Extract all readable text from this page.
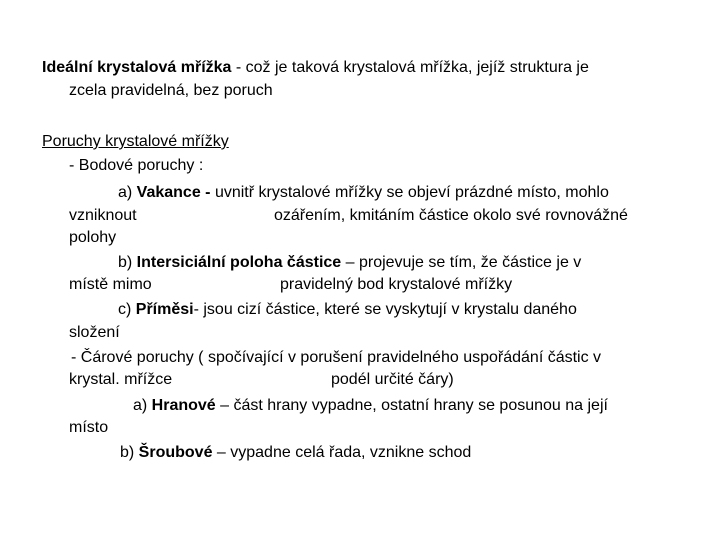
Ideální krystalová mřížka - což je taková krystalová mřížka, jejíž struktura je
zcela pravidelná, bez poruch
Poruchy krystalové mřížky
- Bodové poruchy :
a) Vakance - uvnitř krystalové mřížky se objeví prázdné místo, mohlo
vzniknout	ozářením, kmitáním částice okolo své rovnovážné
polohy
b) Intersiciální poloha částice – projevuje se tím, že částice je v
místě mimo	pravidelný bod krystalové mřížky
c) Příměsi- jsou cizí částice, které se vyskytují v krystalu daného
složení
- Čárové poruchy ( spočívající v porušení pravidelného uspořádání částic v
krystal. mřížce	podél určité čáry)
a) Hranové – část hrany vypadne, ostatní hrany se posunou na její
místo
b) Šroubové – vypadne celá řada, vznikne schod
